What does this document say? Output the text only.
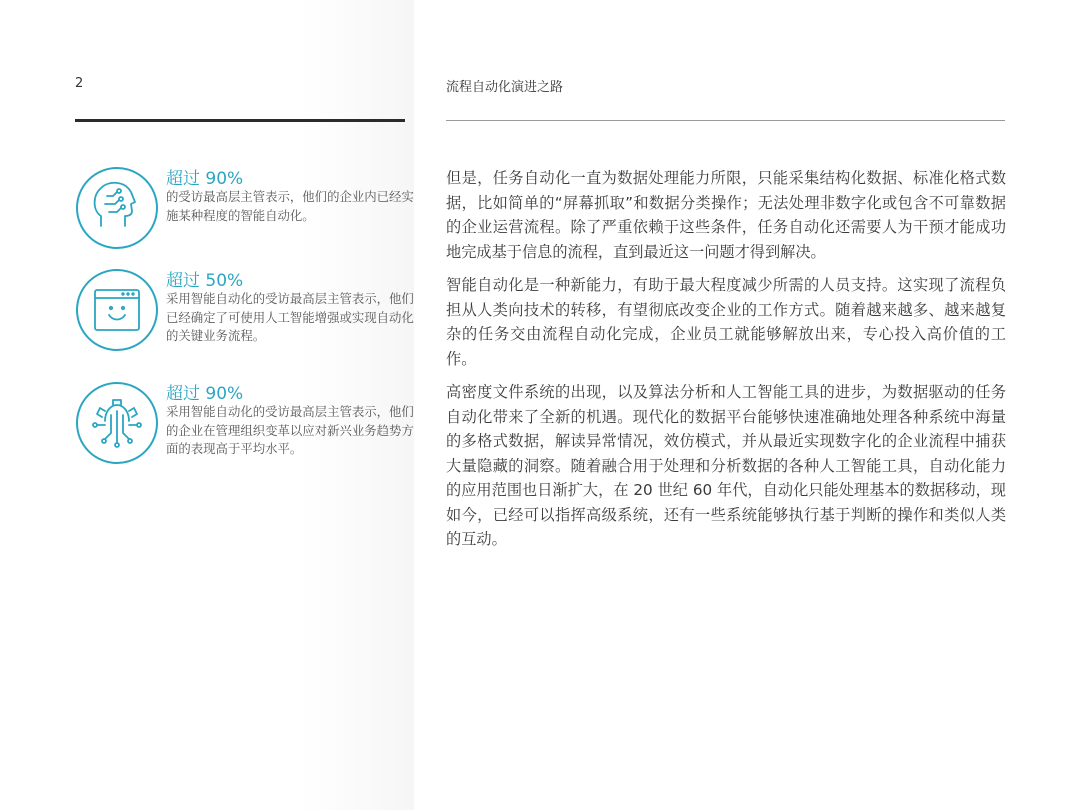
2	流程自动化演进之路
超过 90%
的受访最高层主管表示，他们的企业内已经实施某种程度的智能自动化。
超过 50%
采用智能自动化的受访最高层主管表示，他们已经确定了可使用人工智能增强或实现自动化的关键业务流程。
超过 90%
采用智能自动化的受访最高层主管表示，他们的企业在管理组织变革以应对新兴业务趋势方面的表现高于平均水平。

但是，任务自动化一直为数据处理能力所限，只能采集结构化数据、标准化格式数据，比如简单的“屏幕抓取”和数据分类操作；无法处理非数字化或包含不可靠数据的企业运营流程。除了严重依赖于这些条件，任务自动化还需要人为干预才能成功地完成基于信息的流程，直到最近这一问题才得到解决。

智能自动化是一种新能力，有助于最大程度减少所需的人员支持。这实现了流程负担从人类向技术的转移，有望彻底改变企业的工作方式。随着越来越多、越来越复杂的任务交由流程自动化完成，企业员工就能够解放出来，专心投入高价值的工作。

高密度文件系统的出现，以及算法分析和人工智能工具的进步，为数据驱动的任务自动化带来了全新的机遇。现代化的数据平台能够快速准确地处理各种系统中海量的多格式数据，解读异常情况，效仿模式，并从最近实现数字化的企业流程中捕获大量隐藏的洞察。随着融合用于处理和分析数据的各种人工智能工具，自动化能力的应用范围也日渐扩大，在 20 世纪 60 年代，自动化只能处理基本的数据移动，现如今，已经可以指挥高级系统，还有一些系统能够执行基于判断的操作和类似人类的互动。
